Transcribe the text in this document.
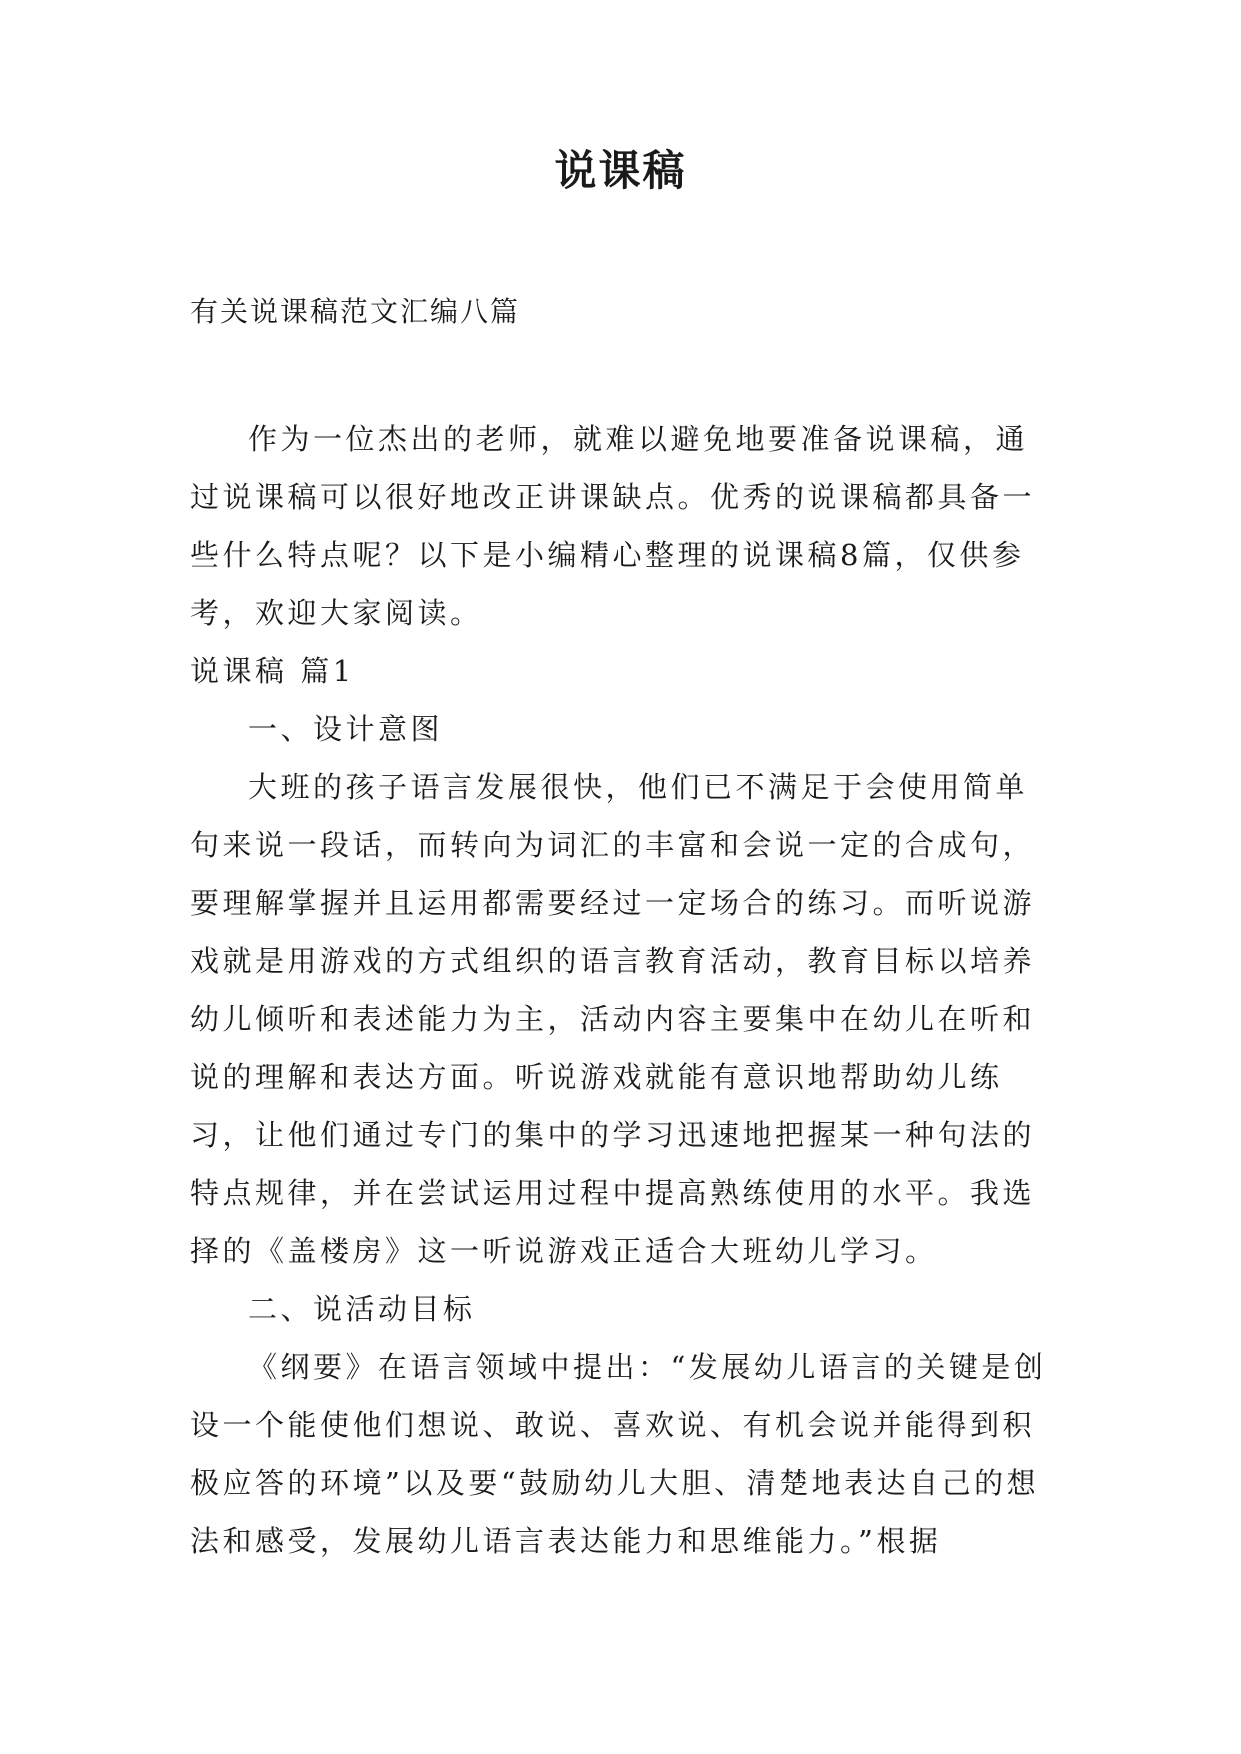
说课稿
有关说课稿范文汇编八篇

作为一位杰出的老师，就难以避免地要准备说课稿，通过说课稿可以很好地改正讲课缺点。优秀的说课稿都具备一些什么特点呢？以下是小编精心整理的说课稿8篇，仅供参考，欢迎大家阅读。

说课稿 篇1

一、设计意图

大班的孩子语言发展很快，他们已不满足于会使用简单句来说一段话，而转向为词汇的丰富和会说一定的合成句，要理解掌握并且运用都需要经过一定场合的练习。而听说游戏就是用游戏的方式组织的语言教育活动，教育目标以培养幼儿倾听和表述能力为主，活动内容主要集中在幼儿在听和说的理解和表达方面。听说游戏就能有意识地帮助幼儿练习，让他们通过专门的集中的学习迅速地把握某一种句法的特点规律，并在尝试运用过程中提高熟练使用的水平。我选择的《盖楼房》这一听说游戏正适合大班幼儿学习。

二、说活动目标

《纲要》在语言领域中提出：“发展幼儿语言的关键是创设一个能使他们想说、敢说、喜欢说、有机会说并能得到积极应答的环境”以及要“鼓励幼儿大胆、清楚地表达自己的想法和感受，发展幼儿语言表达能力和思维能力。”根据
